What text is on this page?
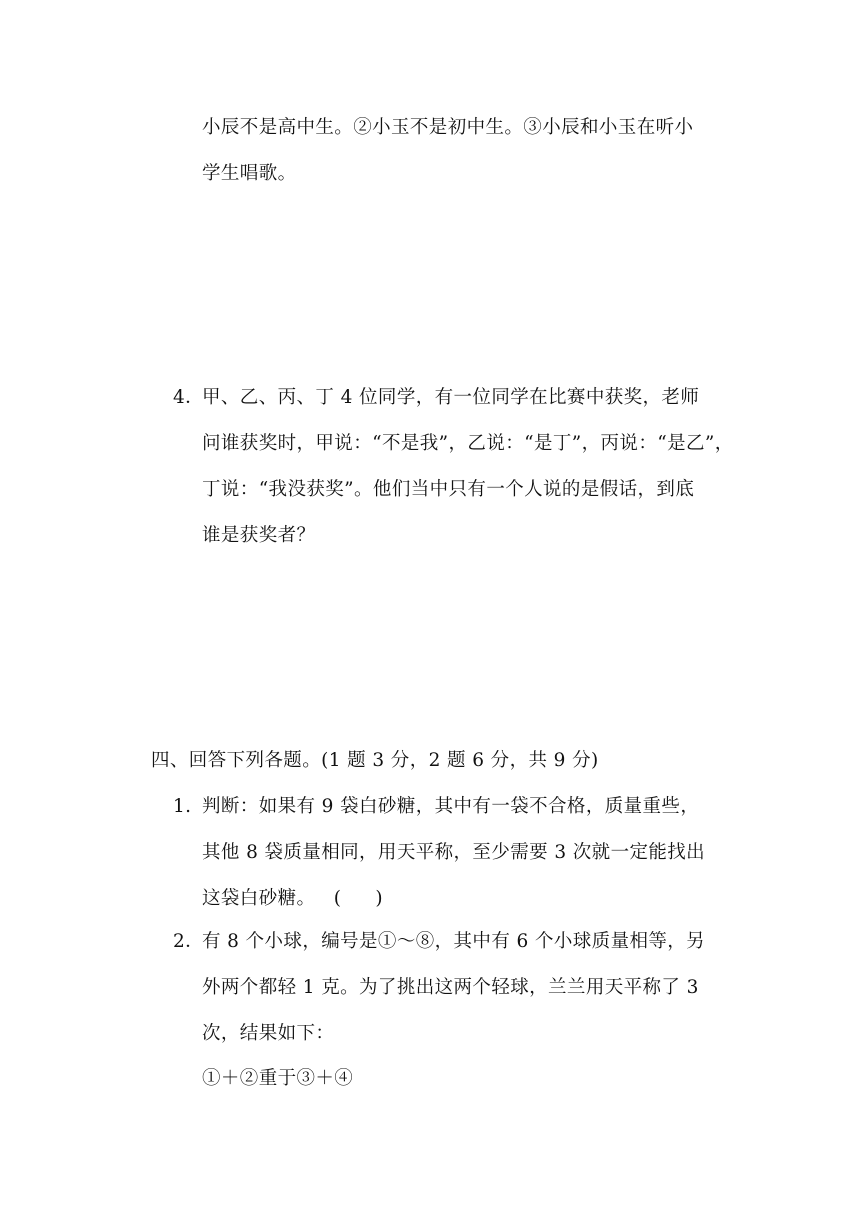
小辰不是高中生。②小玉不是初中生。③小辰和小玉在听小
学生唱歌。
4．
甲、乙、丙、丁 4 位同学，有一位同学在比赛中获奖，老师
问谁获奖时，甲说：“不是我”，乙说：“是丁”，丙说：“是乙”，
丁说：“我没获奖”。他们当中只有一个人说的是假话，到底
谁是获奖者？
四、回答下列各题。(1 题 3 分，2 题 6 分，共 9 分)
1. 判断：如果有 9 袋白砂糖，其中有一袋不合格，质量重些，
其他 8 袋质量相同，用天平称，至少需要 3 次就一定能找出
这袋白砂糖。 ( )
2．
有 8 个小球，编号是①～⑧，其中有 6 个小球质量相等，另
外两个都轻 1 克。为了挑出这两个轻球，兰兰用天平称了 3
次，结果如下：
①＋②重于③＋④
